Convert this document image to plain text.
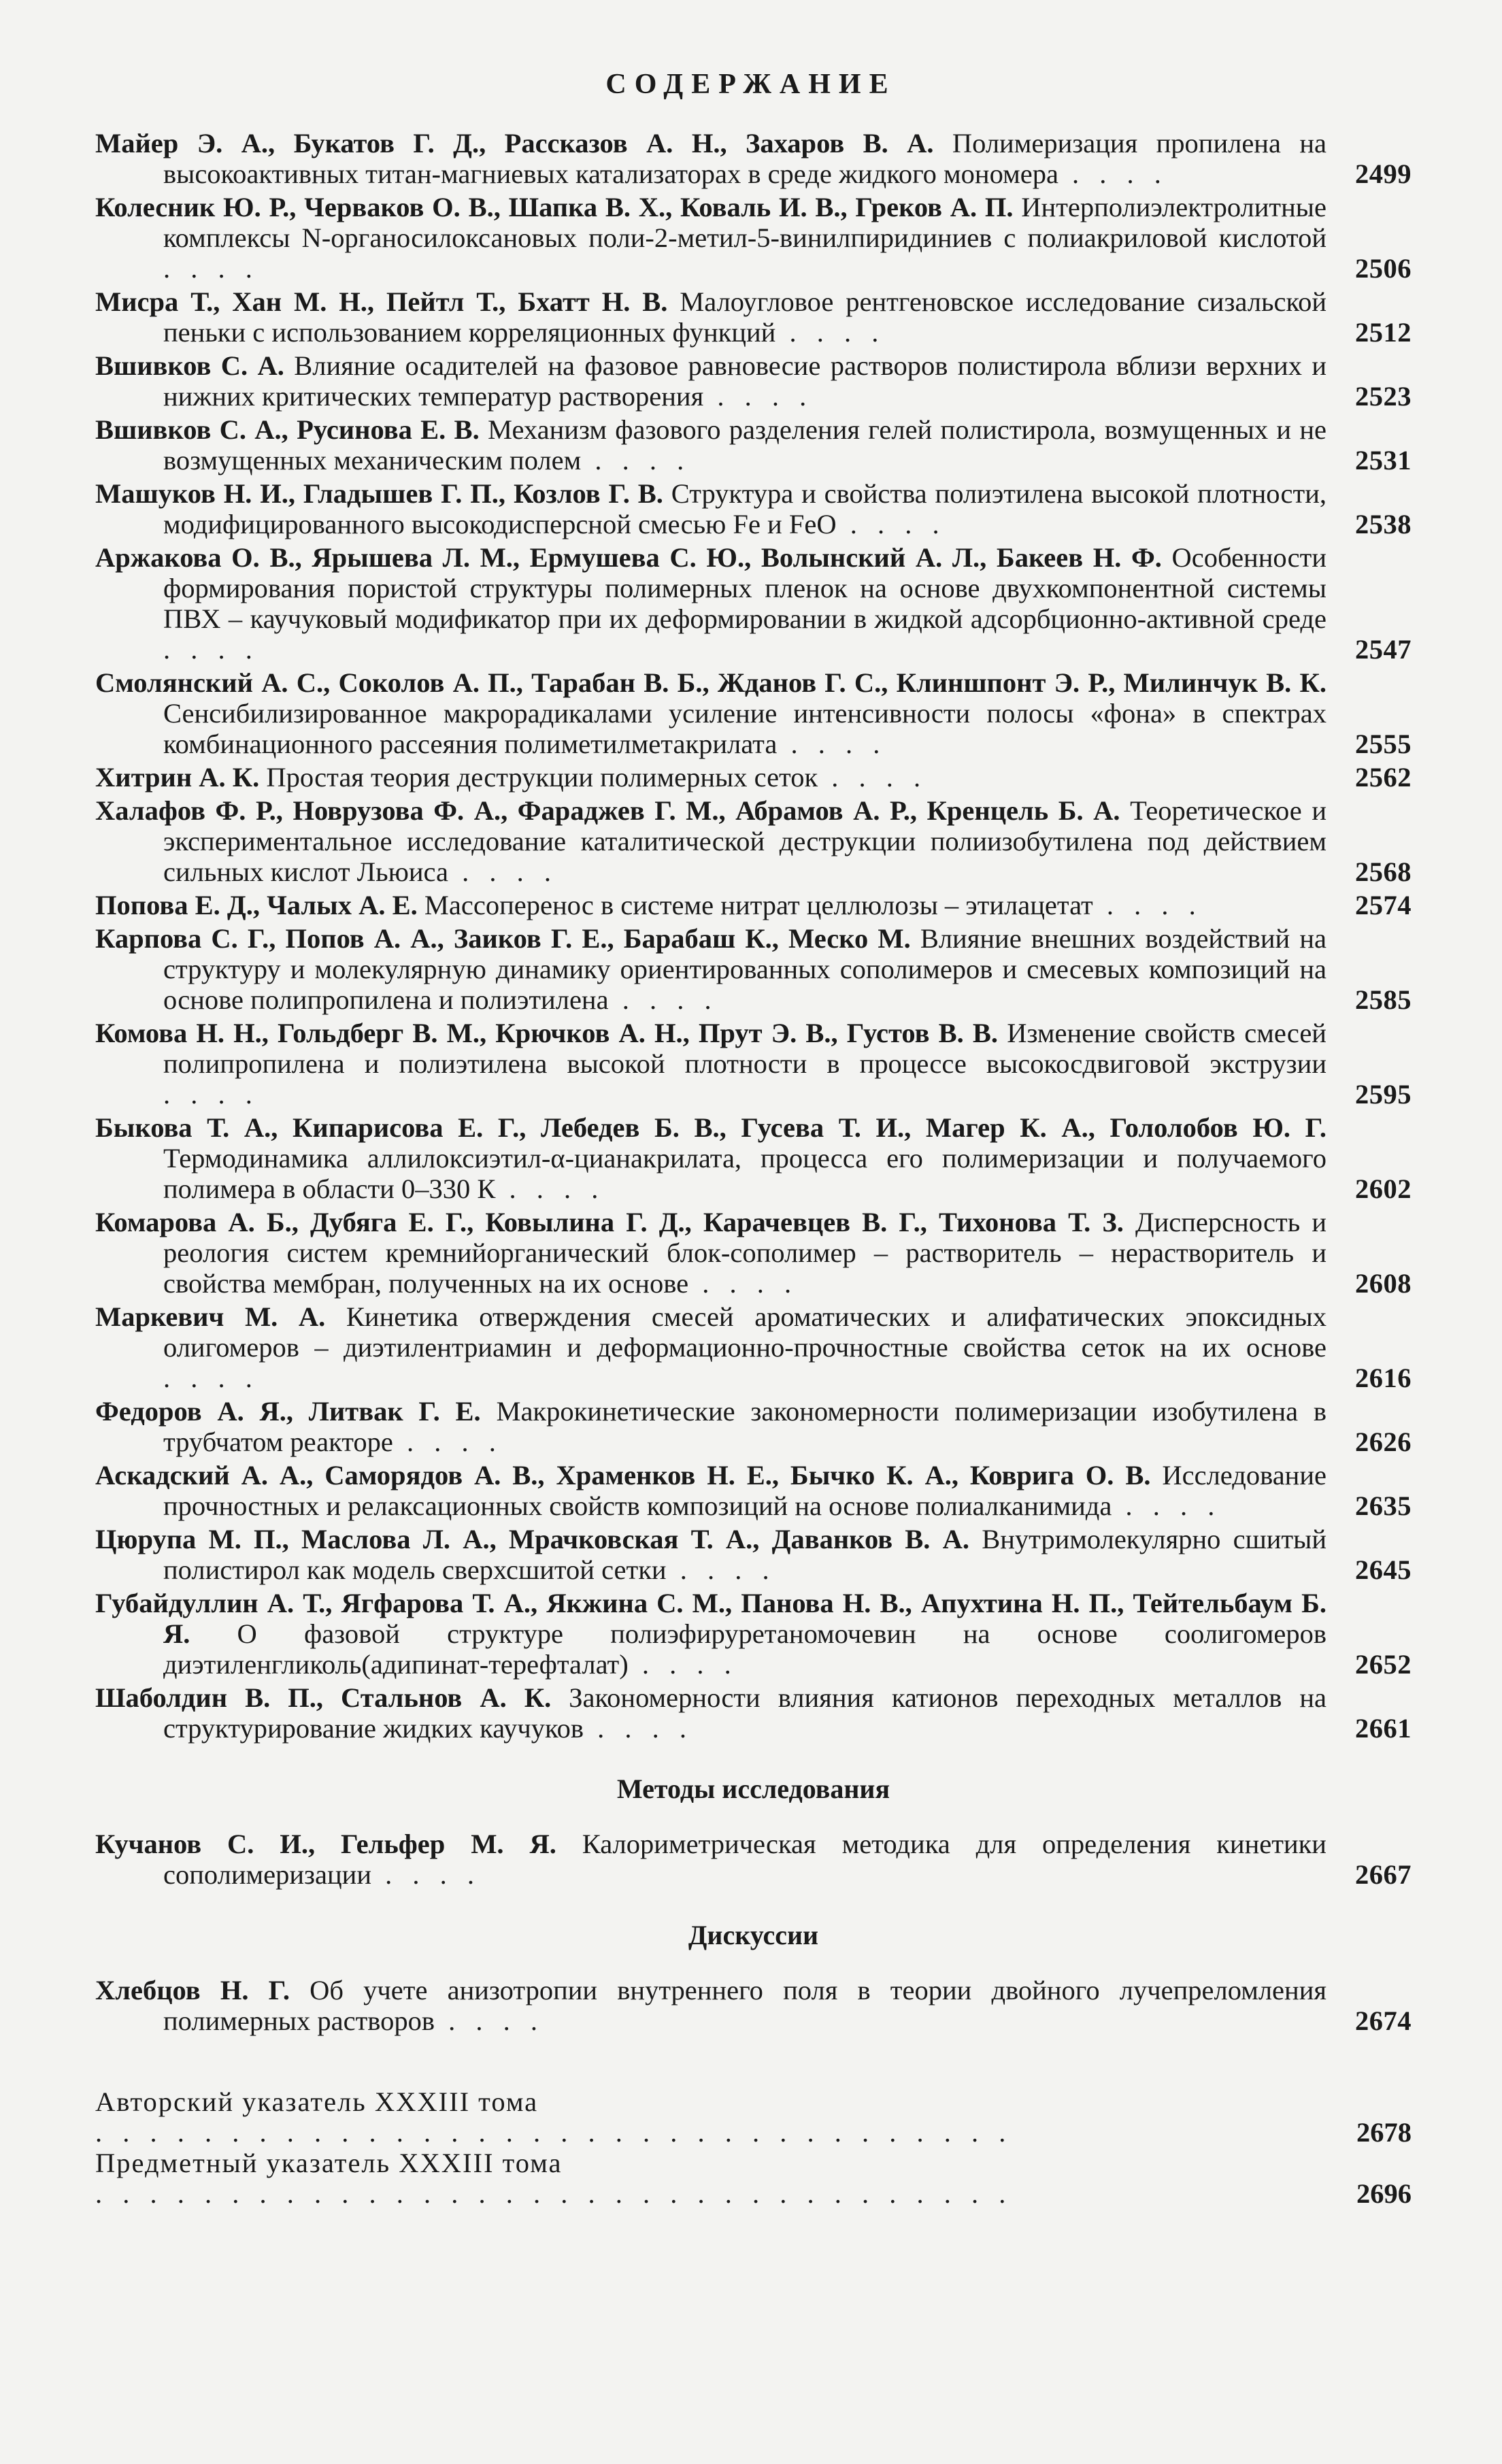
СОДЕРЖАНИЕ
Майер Э. А., Букатов Г. Д., Рассказов А. Н., Захаров В. А. Полимеризация пропилена на высокоактивных титан-магниевых катализаторах в среде жидкого мономера . . . .	2499
Колесник Ю. Р., Черваков О. В., Шапка В. Х., Коваль И. В., Греков А. П. Интерполиэлектролитные комплексы N-органосилоксановых поли-2-метил-5-винилпиридиниев с полиакриловой кислотой . . . .	2506
Мисра Т., Хан М. Н., Пейтл Т., Бхатт Н. В. Малоугловое рентгеновское исследование сизальской пеньки с использованием корреляционных функций . . . .	2512
Вшивков С. А. Влияние осадителей на фазовое равновесие растворов полистирола вблизи верхних и нижних критических температур растворения . . . .	2523
Вшивков С. А., Русинова Е. В. Механизм фазового разделения гелей полистирола, возмущенных и не возмущенных механическим полем . . . .	2531
Машуков Н. И., Гладышев Г. П., Козлов Г. В. Структура и свойства полиэтилена высокой плотности, модифицированного высокодисперсной смесью Fe и FeO . . . .	2538
Аржакова О. В., Ярышева Л. М., Ермушева С. Ю., Волынский А. Л., Бакеев Н. Ф. Особенности формирования пористой структуры полимерных пленок на основе двухкомпонентной системы ПВХ – каучуковый модификатор при их деформировании в жидкой адсорбционно-активной среде . . . .	2547
Смолянский А. С., Соколов А. П., Тарабан В. Б., Жданов Г. С., Клиншпонт Э. Р., Милинчук В. К. Сенсибилизированное макрорадикалами усиление интенсивности полосы «фона» в спектрах комбинационного рассеяния полиметилметакрилата . . . .	2555
Хитрин А. К. Простая теория деструкции полимерных сеток . . . .	2562
Халафов Ф. Р., Новрузова Ф. А., Фараджев Г. М., Абрамов А. Р., Кренцель Б. А. Теоретическое и экспериментальное исследование каталитической деструкции полиизобутилена под действием сильных кислот Льюиса . . . .	2568
Попова Е. Д., Чалых А. Е. Массоперенос в системе нитрат целлюлозы – этилацетат . . . .	2574
Карпова С. Г., Попов А. А., Заиков Г. Е., Барабаш К., Меско М. Влияние внешних воздействий на структуру и молекулярную динамику ориентированных сополимеров и смесевых композиций на основе полипропилена и полиэтилена . . . .	2585
Комова Н. Н., Гольдберг В. М., Крючков А. Н., Прут Э. В., Густов В. В. Изменение свойств смесей полипропилена и полиэтилена высокой плотности в процессе высокосдвиговой экструзии . . . .	2595
Быкова Т. А., Кипарисова Е. Г., Лебедев Б. В., Гусева Т. И., Магер К. А., Гололобов Ю. Г. Термодинамика аллилоксиэтил-α-цианакрилата, процесса его полимеризации и получаемого полимера в области 0–330 К . . . .	2602
Комарова А. Б., Дубяга Е. Г., Ковылина Г. Д., Карачевцев В. Г., Тихонова Т. З. Дисперсность и реология систем кремнийорганический блок-сополимер – растворитель – нерастворитель и свойства мембран, полученных на их основе . . . .	2608
Маркевич М. А. Кинетика отверждения смесей ароматических и алифатических эпоксидных олигомеров – диэтилентриамин и деформационно-прочностные свойства сеток на их основе . . . .	2616
Федоров А. Я., Литвак Г. Е. Макрокинетические закономерности полимеризации изобутилена в трубчатом реакторе . . . .	2626
Аскадский А. А., Саморядов А. В., Храменков Н. Е., Бычко К. А., Коврига О. В. Исследование прочностных и релаксационных свойств композиций на основе полиалканимида . . . .	2635
Цюрупа М. П., Маслова Л. А., Мрачковская Т. А., Даванков В. А. Внутримолекулярно сшитый полистирол как модель сверхсшитой сетки . . . .	2645
Губайдуллин А. Т., Ягфарова Т. А., Якжина С. М., Панова Н. В., Апухтина Н. П., Тейтельбаум Б. Я. О фазовой структуре полиэфируретаномочевин на основе соолигомеров диэтиленгликоль(адипинат-терефталат) . . . .	2652
Шаболдин В. П., Стальнов А. К. Закономерности влияния катионов переходных металлов на структурирование жидких каучуков . . . .	2661
Методы исследования
Кучанов С. И., Гельфер М. Я. Калориметрическая методика для определения кинетики сополимеризации . . . .	2667
Дискуссии
Хлебцов Н. Г. Об учете анизотропии внутреннего поля в теории двойного лучепреломления полимерных растворов . . . .	2674
Авторский указатель XXXIII тома . . . . . . . . . . . . . . . . . . . . . . . . . . . . . . . . . .	2678
Предметный указатель XXXIII тома . . . . . . . . . . . . . . . . . . . . . . . . . . . . . . . . . .	2696
